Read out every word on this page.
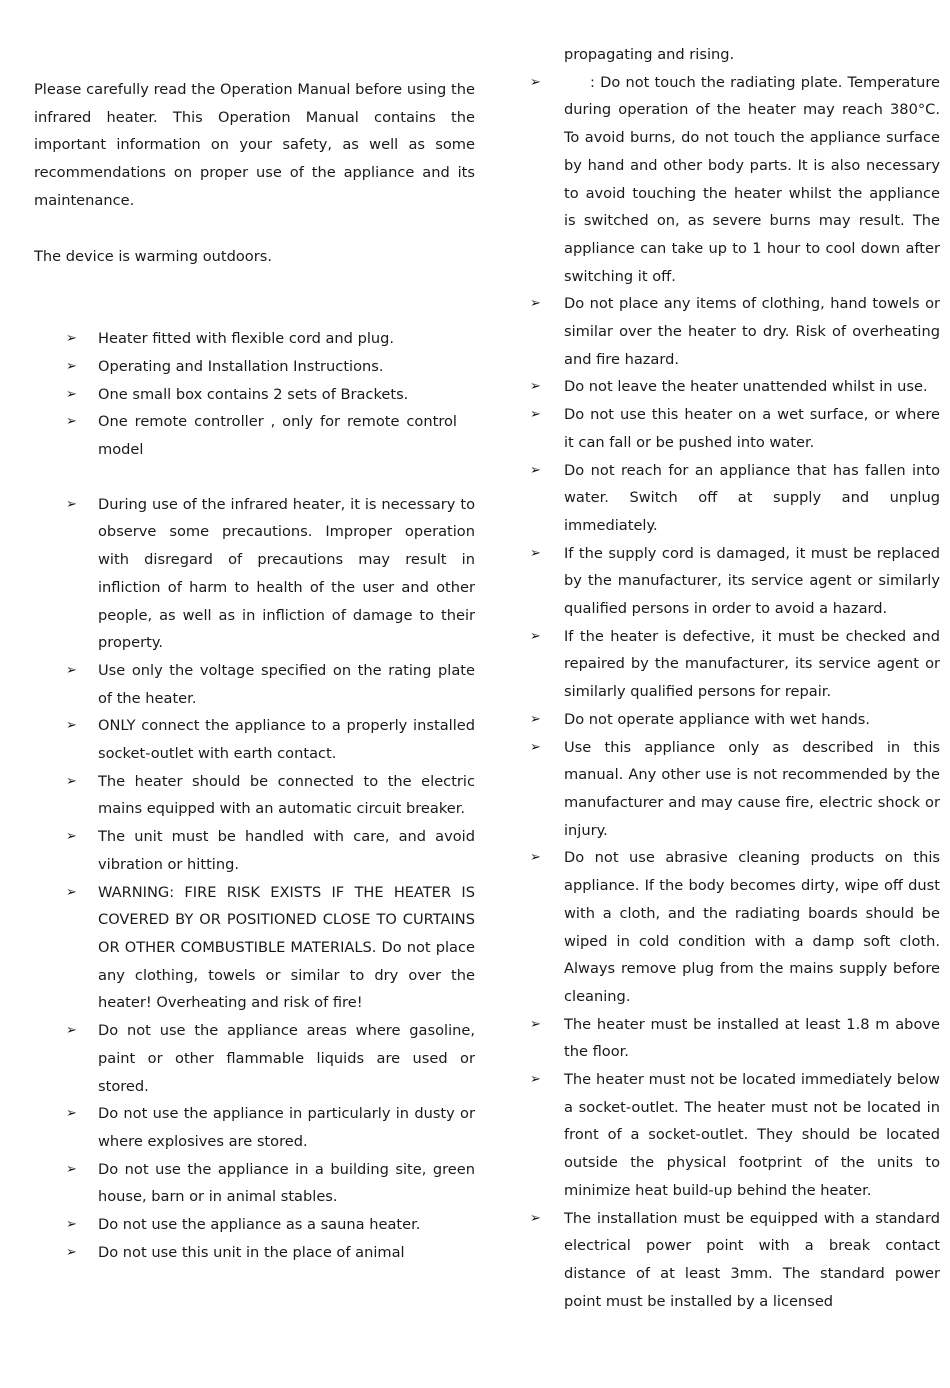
Please carefully read the Operation Manual before using the infrared heater. This Operation Manual contains the important information on your safety, as well as some recommendations on proper use of the appliance and its maintenance.

The device is warming outdoors.

➢ Heater fitted with flexible cord and plug.
➢ Operating and Installation Instructions.
➢ One small box contains 2 sets of Brackets.
➢ One remote controller , only for remote control model
➢ During use of the infrared heater, it is necessary to observe some precautions. Improper operation with disregard of precautions may result in infliction of harm to health of the user and other people, as well as in infliction of damage to their property.
➢ Use only the voltage specified on the rating plate of the heater.
➢ ONLY connect the appliance to a properly installed socket-outlet with earth contact.
➢ The heater should be connected to the electric mains equipped with an automatic circuit breaker.
➢ The unit must be handled with care, and avoid vibration or hitting.
➢ WARNING: FIRE RISK EXISTS IF THE HEATER IS COVERED BY OR POSITIONED CLOSE TO CURTAINS OR OTHER COMBUSTIBLE MATERIALS. Do not place any clothing, towels or similar to dry over the heater! Overheating and risk of fire!
➢ Do not use the appliance areas where gasoline, paint or other flammable liquids are used or stored.
➢ Do not use the appliance in particularly in dusty or where explosives are stored.
➢ Do not use the appliance in a building site, green house, barn or in animal stables.
➢ Do not use the appliance as a sauna heater.
➢ Do not use this unit in the place of animal

propagating and rising.

➢ : Do not touch the radiating plate. Temperature during operation of the heater may reach 380°C. To avoid burns, do not touch the appliance surface by hand and other body parts. It is also necessary to avoid touching the heater whilst the appliance is switched on, as severe burns may result. The appliance can take up to 1 hour to cool down after switching it off.
➢ Do not place any items of clothing, hand towels or similar over the heater to dry. Risk of overheating and fire hazard.
➢ Do not leave the heater unattended whilst in use.
➢ Do not use this heater on a wet surface, or where it can fall or be pushed into water.
➢ Do not reach for an appliance that has fallen into water. Switch off at supply and unplug immediately.
➢ If the supply cord is damaged, it must be replaced by the manufacturer, its service agent or similarly qualified persons in order to avoid a hazard.
➢ If the heater is defective, it must be checked and repaired by the manufacturer, its service agent or similarly qualified persons for repair.
➢ Do not operate appliance with wet hands.
➢ Use this appliance only as described in this manual. Any other use is not recommended by the manufacturer and may cause fire, electric shock or injury.
➢ Do not use abrasive cleaning products on this appliance. If the body becomes dirty, wipe off dust with a cloth, and the radiating boards should be wiped in cold condition with a damp soft cloth. Always remove plug from the mains supply before cleaning.
➢ The heater must be installed at least 1.8 m above the floor.
➢ The heater must not be located immediately below a socket-outlet. The heater must not be located in front of a socket-outlet. They should be located outside the physical footprint of the units to minimize heat build-up behind the heater.
➢ The installation must be equipped with a standard electrical power point with a break contact distance of at least 3mm. The standard power point must be installed by a licensed
